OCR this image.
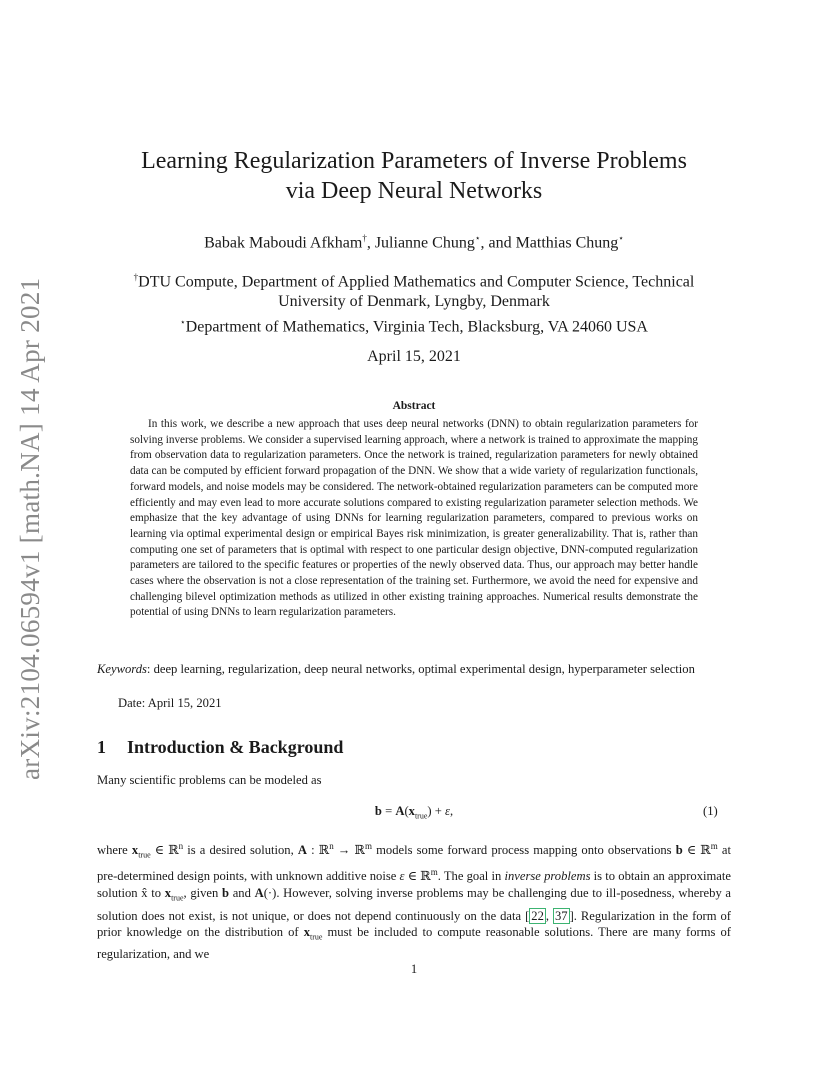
arXiv:2104.06594v1 [math.NA] 14 Apr 2021
Learning Regularization Parameters of Inverse Problems
via Deep Neural Networks
Babak Maboudi Afkham†, Julianne Chung⋆, and Matthias Chung⋆
†DTU Compute, Department of Applied Mathematics and Computer Science, Technical
University of Denmark, Lyngby, Denmark
⋆Department of Mathematics, Virginia Tech, Blacksburg, VA 24060 USA
April 15, 2021
Abstract

In this work, we describe a new approach that uses deep neural networks (DNN) to obtain regularization parameters for solving inverse problems. We consider a supervised learning approach, where a network is trained to approximate the mapping from observation data to regularization parameters. Once the network is trained, regularization parameters for newly obtained data can be computed by efficient forward propagation of the DNN. We show that a wide variety of regularization functionals, forward models, and noise models may be considered. The network-obtained regularization parameters can be computed more efficiently and may even lead to more accurate solutions compared to existing regularization parameter selection methods. We emphasize that the key advantage of using DNNs for learning regularization parameters, compared to previous works on learning via optimal experimental design or empirical Bayes risk minimization, is greater generalizability. That is, rather than computing one set of parameters that is optimal with respect to one particular design objective, DNN-computed regularization parameters are tailored to the specific features or properties of the newly observed data. Thus, our approach may better handle cases where the observation is not a close representation of the training set. Furthermore, we avoid the need for expensive and challenging bilevel optimization methods as utilized in other existing training approaches. Numerical results demonstrate the potential of using DNNs to learn regularization parameters.

Keywords: deep learning, regularization, deep neural networks, optimal experimental design, hyperparameter selection
Date: April 15, 2021
1 Introduction & Background
Many scientific problems can be modeled as
$b = A(x_{true}) + \varepsilon$,	(1)
where $x_{true}$ ∈ ℝ$^n$ is a desired solution, A : ℝ$^n$ → ℝ$^m$ models some forward process mapping onto observations b ∈ ℝ$^m$ at pre-determined design points, with unknown additive noise ε ∈ ℝ$^m$. The goal in inverse problems is to obtain an approximate solution x̂ to $x_{true}$, given b and A(·). However, solving inverse problems may be challenging due to ill-posedness, whereby a solution does not exist, is not unique, or does not depend continuously on the data [ 22 , 37 ]. Regularization in the form of prior knowledge on the distribution of $x_{true}$ must be included to compute reasonable solutions. There are many forms of regularization, and we
1
